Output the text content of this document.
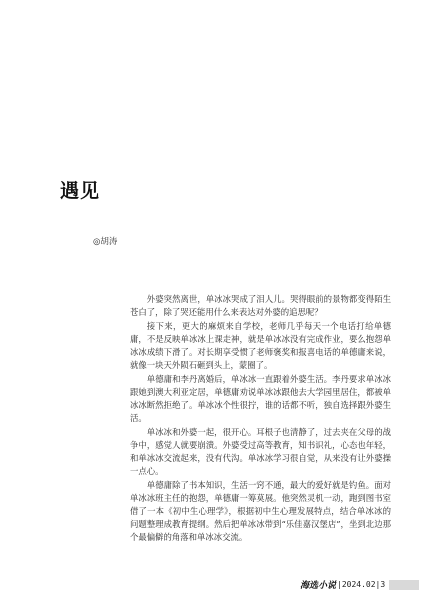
遇见
◎胡涛

外婆突然离世，单冰冰哭成了泪人儿。哭得眼前的景物都变得陌生苍白了，除了哭还能用什么来表达对外婆的追思呢？

接下来，更大的麻烦来自学校，老师几乎每天一个电话打给单德庸，不是反映单冰冰上课走神，就是单冰冰没有完成作业，要么抱怨单冰冰成绩下滑了。对长期享受惯了老师褒奖和报喜电话的单德庸来说，就像一块天外陨石砸到头上，蒙圈了。

单德庸和李丹离婚后，单冰冰一直跟着外婆生活。李丹要求单冰冰跟她到澳大利亚定居，单德庸劝说单冰冰跟他去大学园里居住，都被单冰冰断然拒绝了。单冰冰个性很拧，谁的话都不听，独自选择跟外婆生活。

单冰冰和外婆一起，很开心。耳根子也清静了，过去夹在父母的战争中，感觉人就要崩溃。外婆受过高等教育，知书识礼，心态也年轻，和单冰冰交流起来，没有代沟。单冰冰学习很自觉，从来没有让外婆操一点心。

单德庸除了书本知识，生活一窍不通，最大的爱好就是钓鱼。面对单冰冰班主任的抱怨，单德庸一筹莫展。他突然灵机一动，跑到图书室借了一本《初中生心理学》，根据初中生心理发展特点，结合单冰冰的问题整理成教育提纲。然后把单冰冰带到“乐佳嘉汉堡店”，坐到北边那个最偏僻的角落和单冰冰交流。

海选小说 |2024.02|3
